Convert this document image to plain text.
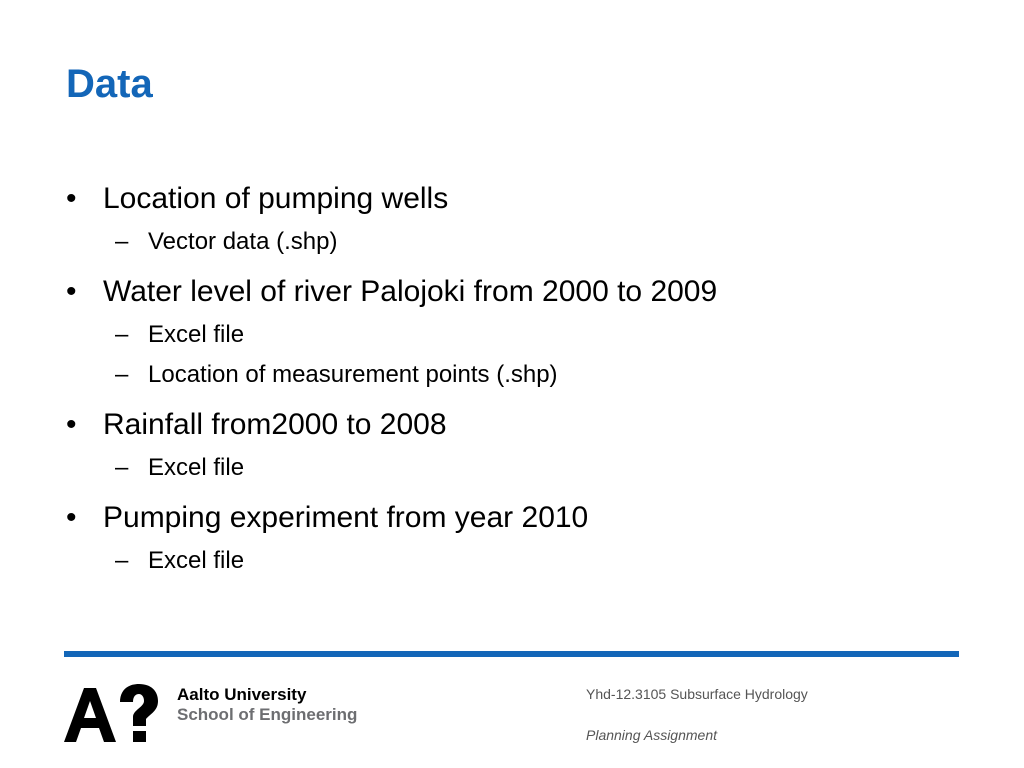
Data
• Location of pumping wells
– Vector data (.shp)
• Water level of river Palojoki from 2000 to 2009
– Excel file
– Location of measurement points (.shp)
• Rainfall from2000 to 2008
– Excel file
• Pumping experiment from year 2010
– Excel file
Aalto University
School of Engineering
Yhd-12.3105 Subsurface Hydrology
Planning Assignment
